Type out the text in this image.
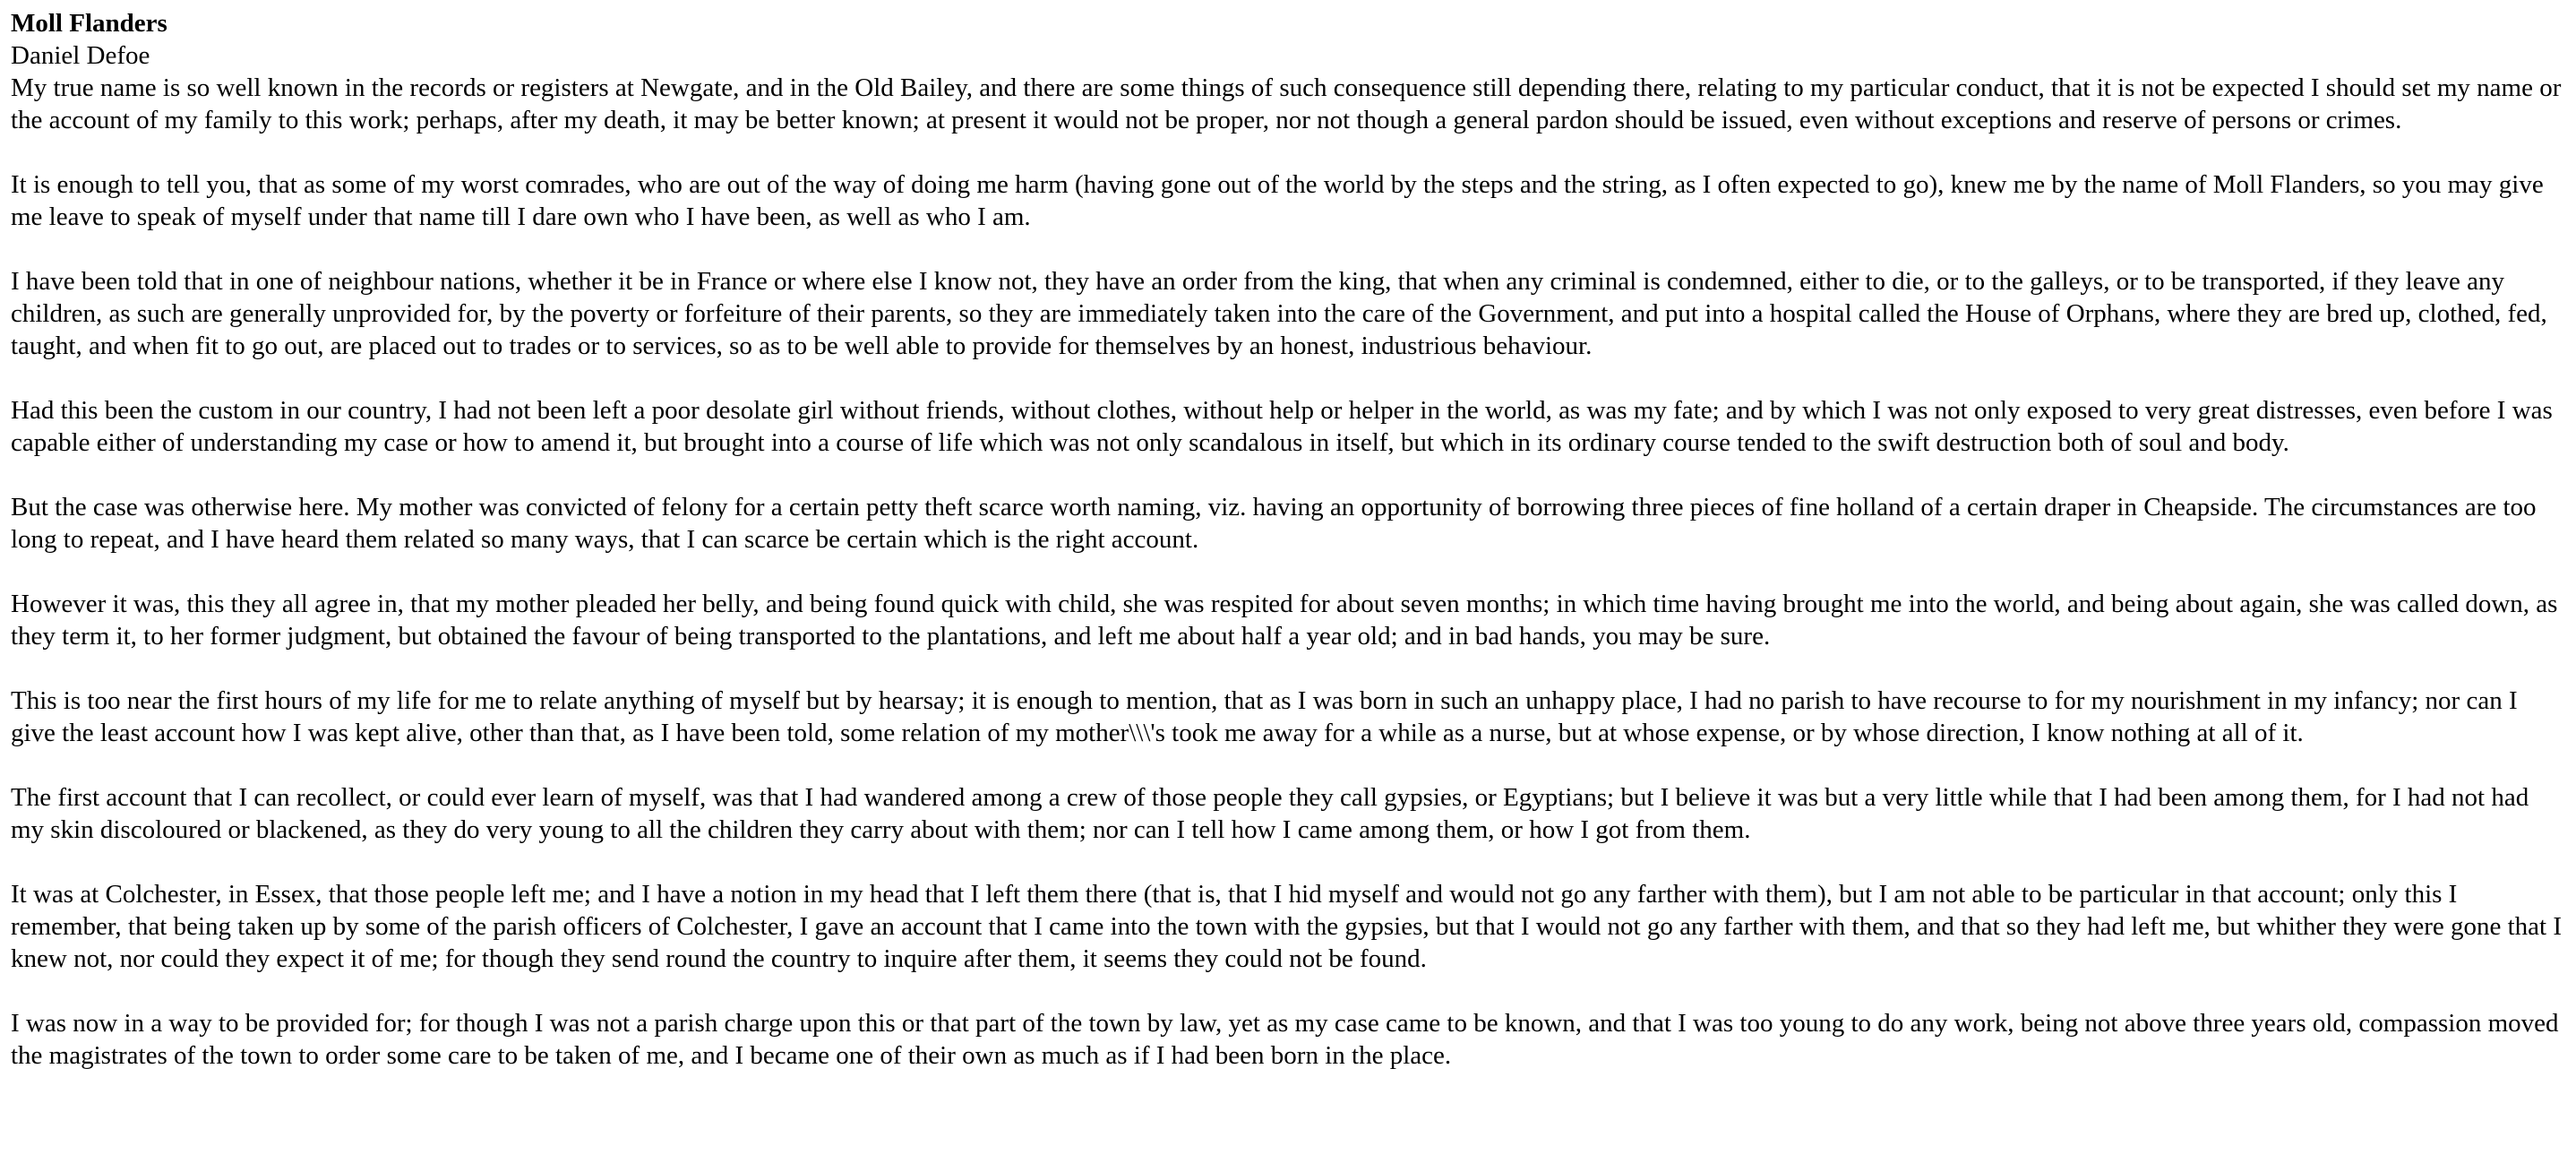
Moll Flanders
Daniel Defoe

My true name is so well known in the records or registers at Newgate, and in the Old Bailey, and there are some things of such consequence still depending there, relating to my particular conduct, that it is not be expected I should set my name or the account of my family to this work; perhaps, after my death, it may be better known; at present it would not be proper, nor not though a general pardon should be issued, even without exceptions and reserve of persons or crimes.

It is enough to tell you, that as some of my worst comrades, who are out of the way of doing me harm (having gone out of the world by the steps and the string, as I often expected to go), knew me by the name of Moll Flanders, so you may give me leave to speak of myself under that name till I dare own who I have been, as well as who I am.

I have been told that in one of neighbour nations, whether it be in France or where else I know not, they have an order from the king, that when any criminal is condemned, either to die, or to the galleys, or to be transported, if they leave any children, as such are generally unprovided for, by the poverty or forfeiture of their parents, so they are immediately taken into the care of the Government, and put into a hospital called the House of Orphans, where they are bred up, clothed, fed, taught, and when fit to go out, are placed out to trades or to services, so as to be well able to provide for themselves by an honest, industrious behaviour.

Had this been the custom in our country, I had not been left a poor desolate girl without friends, without clothes, without help or helper in the world, as was my fate; and by which I was not only exposed to very great distresses, even before I was capable either of understanding my case or how to amend it, but brought into a course of life which was not only scandalous in itself, but which in its ordinary course tended to the swift destruction both of soul and body.

But the case was otherwise here. My mother was convicted of felony for a certain petty theft scarce worth naming, viz. having an opportunity of borrowing three pieces of fine holland of a certain draper in Cheapside. The circumstances are too long to repeat, and I have heard them related so many ways, that I can scarce be certain which is the right account.

However it was, this they all agree in, that my mother pleaded her belly, and being found quick with child, she was respited for about seven months; in which time having brought me into the world, and being about again, she was called down, as they term it, to her former judgment, but obtained the favour of being transported to the plantations, and left me about half a year old; and in bad hands, you may be sure.

This is too near the first hours of my life for me to relate anything of myself but by hearsay; it is enough to mention, that as I was born in such an unhappy place, I had no parish to have recourse to for my nourishment in my infancy; nor can I give the least account how I was kept alive, other than that, as I have been told, some relation of my mother\\\'s took me away for a while as a nurse, but at whose expense, or by whose direction, I know nothing at all of it.

The first account that I can recollect, or could ever learn of myself, was that I had wandered among a crew of those people they call gypsies, or Egyptians; but I believe it was but a very little while that I had been among them, for I had not had my skin discoloured or blackened, as they do very young to all the children they carry about with them; nor can I tell how I came among them, or how I got from them.

It was at Colchester, in Essex, that those people left me; and I have a notion in my head that I left them there (that is, that I hid myself and would not go any farther with them), but I am not able to be particular in that account; only this I remember, that being taken up by some of the parish officers of Colchester, I gave an account that I came into the town with the gypsies, but that I would not go any farther with them, and that so they had left me, but whither they were gone that I knew not, nor could they expect it of me; for though they send round the country to inquire after them, it seems they could not be found.

I was now in a way to be provided for; for though I was not a parish charge upon this or that part of the town by law, yet as my case came to be known, and that I was too young to do any work, being not above three years old, compassion moved the magistrates of the town to order some care to be taken of me, and I became one of their own as much as if I had been born in the place.
